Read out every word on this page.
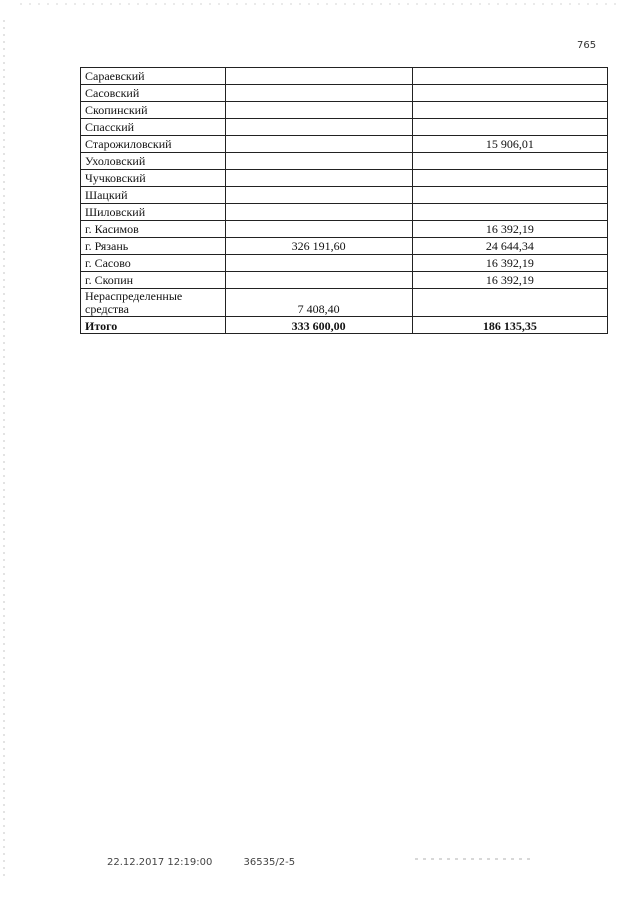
765
Сараевский		
Сасовский		
Скопинский		
Спасский		
Старожиловский		15 906,01
Ухоловский		
Чучковский		
Шацкий		
Шиловский		
г. Касимов		16 392,19
г. Рязань	326 191,60	24 644,34
г. Сасово		16 392,19
г. Скопин		16 392,19
Нераспределенные средства	7 408,40	
Итого	333 600,00	186 135,35
22.12.2017 12:19:00	36535/2-5
